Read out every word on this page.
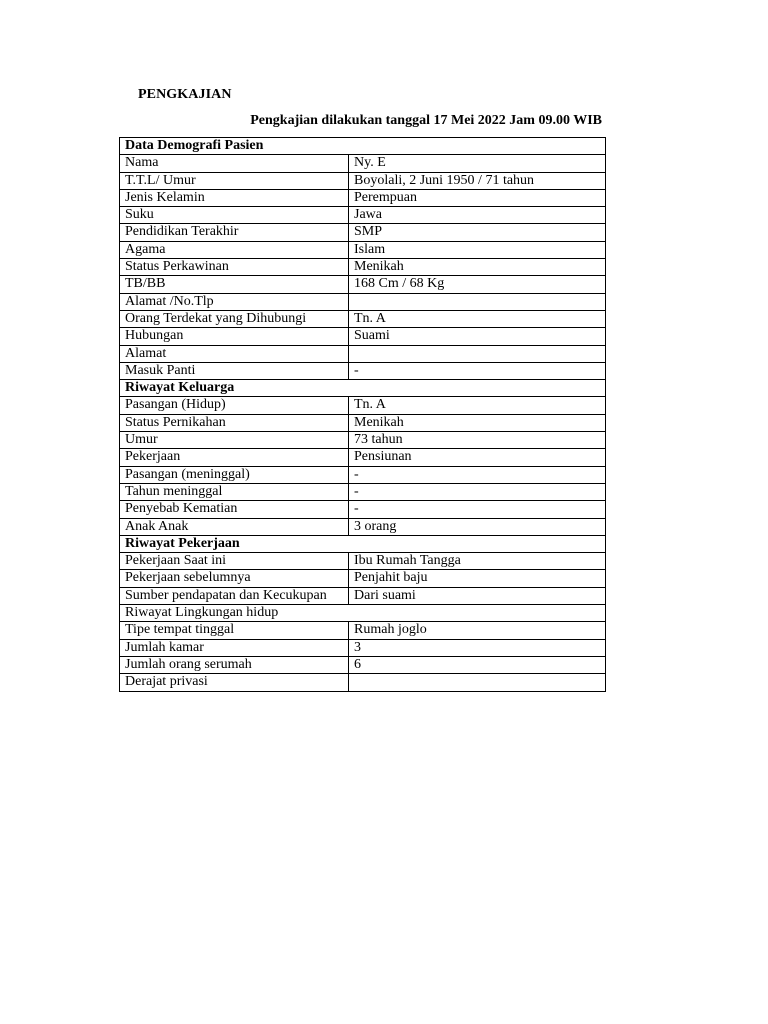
PENGKAJIAN
Pengkajian dilakukan tanggal 17 Mei 2022 Jam 09.00 WIB
Data Demografi Pasien	
Nama	Ny. E
T.T.L/ Umur	Boyolali, 2 Juni 1950 / 71 tahun
Jenis Kelamin	Perempuan
Suku	Jawa
Pendidikan Terakhir	SMP
Agama	Islam
Status Perkawinan	Menikah
TB/BB	168 Cm / 68 Kg
Alamat /No.Tlp	
Orang Terdekat yang Dihubungi	Tn. A
Hubungan	Suami
Alamat	
Masuk Panti	-
Riwayat Keluarga	
Pasangan (Hidup)	Tn. A
Status Pernikahan	Menikah
Umur	73 tahun
Pekerjaan	Pensiunan
Pasangan (meninggal)	-
Tahun meninggal	-
Penyebab Kematian	-
Anak Anak	3 orang
Riwayat Pekerjaan	
Pekerjaan Saat ini	Ibu Rumah Tangga
Pekerjaan sebelumnya	Penjahit baju
Sumber pendapatan dan Kecukupan	Dari suami
Riwayat Lingkungan hidup	
Tipe tempat tinggal	Rumah joglo
Jumlah kamar	3
Jumlah orang serumah	6
Derajat privasi	
